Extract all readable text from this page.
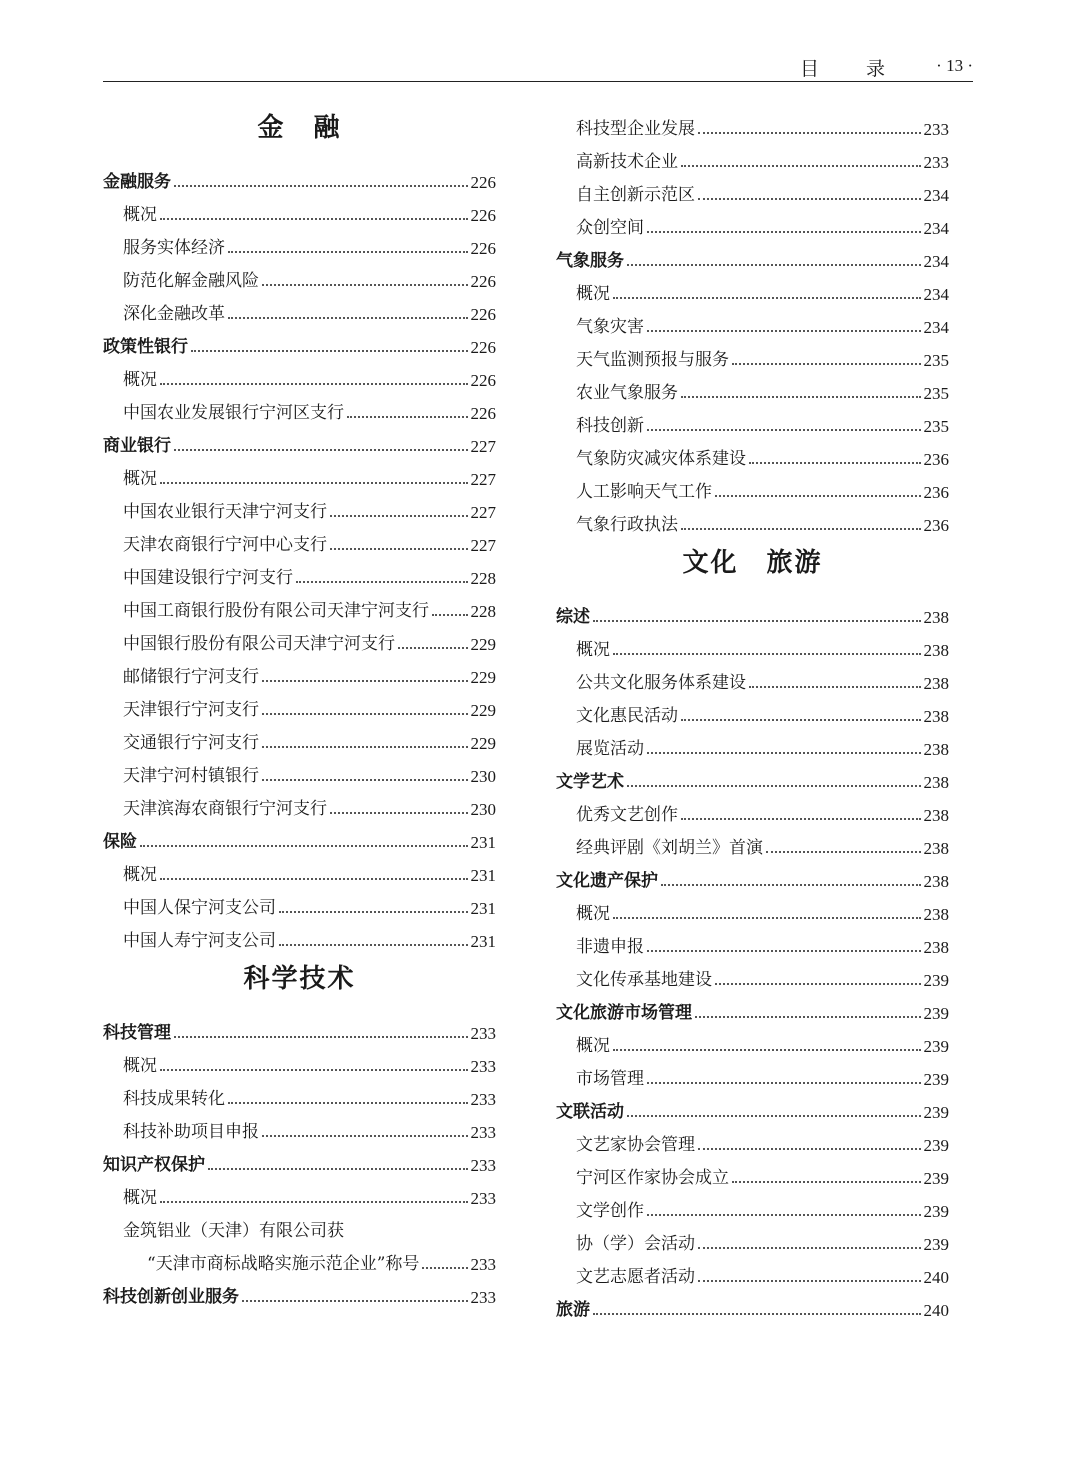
目　录 · 13 ·
金　融
金融服务	226
概况	226
服务实体经济	226
防范化解金融风险	226
深化金融改革	226
政策性银行	226
概况	226
中国农业发展银行宁河区支行	226
商业银行	227
概况	227
中国农业银行天津宁河支行	227
天津农商银行宁河中心支行	227
中国建设银行宁河支行	228
中国工商银行股份有限公司天津宁河支行 228
中国银行股份有限公司天津宁河支行	229
邮储银行宁河支行	229
天津银行宁河支行	229
交通银行宁河支行	229
天津宁河村镇银行	230
天津滨海农商银行宁河支行	230
保险	231
概况	231
中国人保宁河支公司	231
中国人寿宁河支公司	231
科学技术
科技管理	233
概况	233
科技成果转化	233
科技补助项目申报	233
知识产权保护	233
概况	233
金筑铝业（天津）有限公司获
“天津市商标战略实施示范企业”称号	233
科技创新创业服务	233
科技型企业发展	233
高新技术企业	233
自主创新示范区	234
众创空间	234
气象服务	234
概况	234
气象灾害	234
天气监测预报与服务	235
农业气象服务	235
科技创新	235
气象防灾减灾体系建设	236
人工影响天气工作	236
气象行政执法	236
文化　旅游
综述	238
概况	238
公共文化服务体系建设	238
文化惠民活动	238
展览活动	238
文学艺术	238
优秀文艺创作	238
经典评剧《刘胡兰》首演	238
文化遗产保护	238
概况	238
非遗申报	238
文化传承基地建设	239
文化旅游市场管理	239
概况	239
市场管理	239
文联活动	239
文艺家协会管理	239
宁河区作家协会成立	239
文学创作	239
协（学）会活动	239
文艺志愿者活动	240
旅游	240
